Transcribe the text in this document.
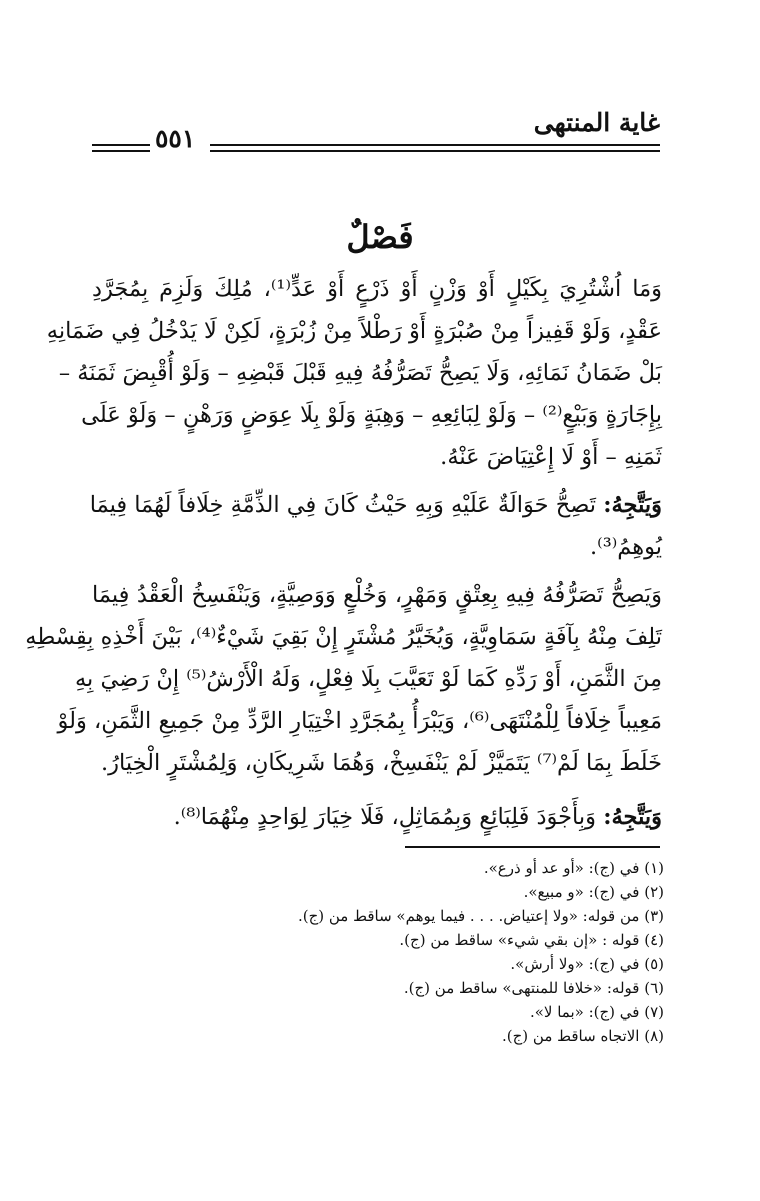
غاية المنتهى
٥٥١
فَصْلٌ
وَمَا اُشْتُرِيَ بِكَيْلٍ أَوْ وَزْنٍ أَوْ ذَرْعٍ أَوْ عَدٍّ⁽¹⁾، مُلِكَ وَلَزِمَ بِمُجَرَّدِ
عَقْدٍ، وَلَوْ قَفِيزاً مِنْ صُبْرَةٍ أَوْ رَطْلاً مِنْ زُبْرَةٍ، لَكِنْ لَا يَدْخُلُ فِي ضَمَانِهِ
بَلْ ضَمَانُ نَمَائِهِ، وَلَا يَصِحُّ تَصَرُّفُهُ فِيهِ قَبْلَ قَبْضِهِ – وَلَوْ أُقْبِضَ ثَمَنَهُ –
بِإِجَارَةٍ وَبَيْعٍ⁽²⁾ – وَلَوْ لِبَائِعِهِ – وَهِبَةٍ وَلَوْ بِلَا عِوَضٍ وَرَهْنٍ – وَلَوْ عَلَى
ثَمَنِهِ – أَوْ لَا إِعْتِيَاضَ عَنْهُ.
وَيَتَّجِهُ: تَصِحُّ حَوَالَةٌ عَلَيْهِ وَبِهِ حَيْثُ كَانَ فِي الذِّمَّةِ خِلَافاً لَهُمَا فِيمَا
يُوهِمُ⁽³⁾.
وَيَصِحُّ تَصَرُّفُهُ فِيهِ بِعِتْقٍ وَمَهْرٍ، وَخُلْعٍ وَوَصِيَّةٍ، وَيَنْفَسِخُ الْعَقْدُ فِيمَا
تَلِفَ مِنْهُ بِآفَةٍ سَمَاوِيَّةٍ، وَيُخَيَّرُ مُشْتَرٍ إِنْ بَقِيَ شَيْءٌ⁽⁴⁾، بَيْنَ أَخْذِهِ بِقِسْطِهِ
مِنَ الثَّمَنِ، أَوْ رَدِّهِ كَمَا لَوْ تَعَيَّبَ بِلَا فِعْلٍ، وَلَهُ الْأَرْشُ⁽⁵⁾ إِنْ رَضِيَ بِهِ
مَعِيباً خِلَافاً لِلْمُنْتَهَى⁽⁶⁾، وَيَبْرَأُ بِمُجَرَّدِ اخْتِيَارِ الرَّدِّ مِنْ جَمِيعِ الثَّمَنِ، وَلَوْ
خَلَطَ بِمَا لَمْ⁽⁷⁾ يَتَمَيَّزْ لَمْ يَنْفَسِخْ، وَهُمَا شَرِيكَانِ، وَلِمُشْتَرٍ الْخِيَارُ.
وَيَتَّجِهُ: وَبِأَجْوَدَ فَلِبَائِعٍ وَبِمُمَاثِلٍ، فَلَا خِيَارَ لِوَاحِدٍ مِنْهُمَا⁽⁸⁾.
(١) في (ج): «أو عد أو ذرع».
(٢) في (ج): «و مبيع».
(٣) من قوله: «ولا إعتياض. . . . فيما يوهم» ساقط من (ج).
(٤) قوله : «إن بقي شيء» ساقط من (ج).
(٥) في (ج): «ولا أرش».
(٦) قوله: «خلافا للمنتهى» ساقط من (ج).
(٧) في (ج): «بما لا».
(٨) الاتجاه ساقط من (ج).
